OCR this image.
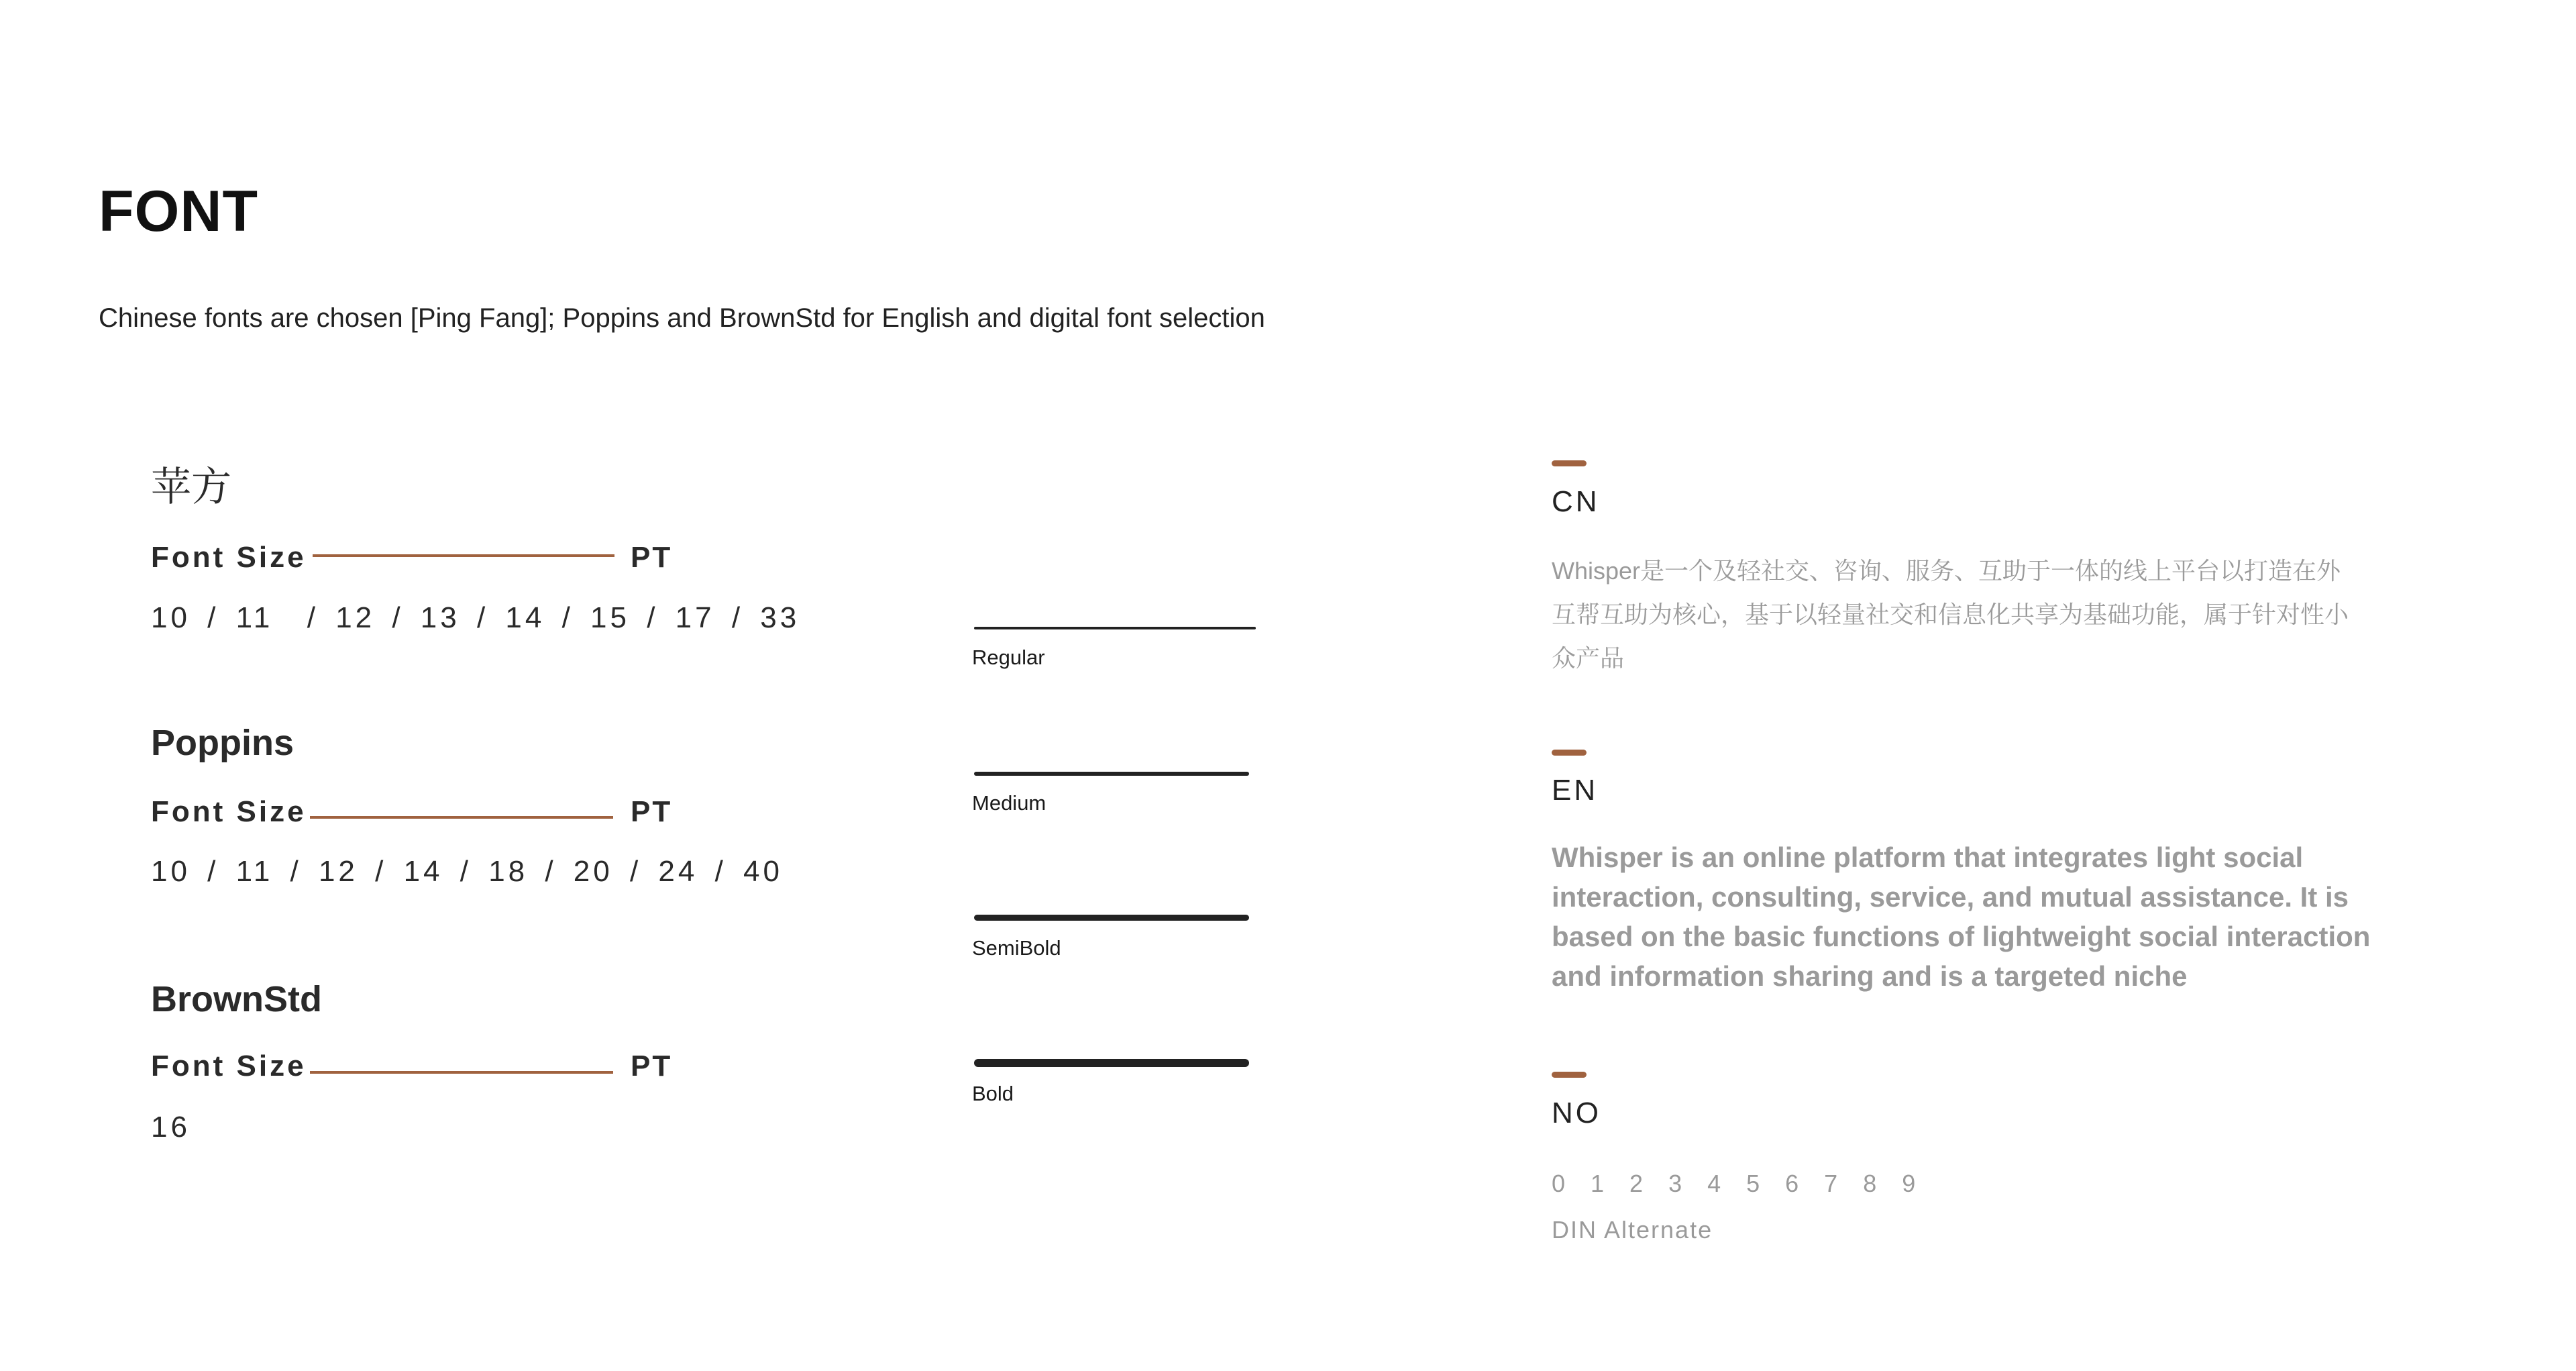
FONT
Chinese fonts are chosen [Ping Fang]; Poppins and BrownStd for English and digital font selection
苹方
Font Size	PT
10 / 11  / 12 / 13 / 14 / 15 / 17 / 33
Poppins
Font Size	PT
10 / 11 / 12 / 14 / 18 / 20 / 24 / 40
BrownStd
Font Size	PT
16
Regular
Medium
SemiBold
Bold
CN
Whisper是一个及轻社交、咨询、服务、互助于一体的线上平台以打造在外互帮互助为核心，基于以轻量社交和信息化共享为基础功能，属于针对性小众产品
EN
Whisper is an online platform that integrates light social interaction, consulting, service, and mutual assistance. It is based on the basic functions of lightweight social interaction and information sharing and is a targeted niche
NO
0 1 2 3 4 5 6 7 8 9
DIN Alternate
